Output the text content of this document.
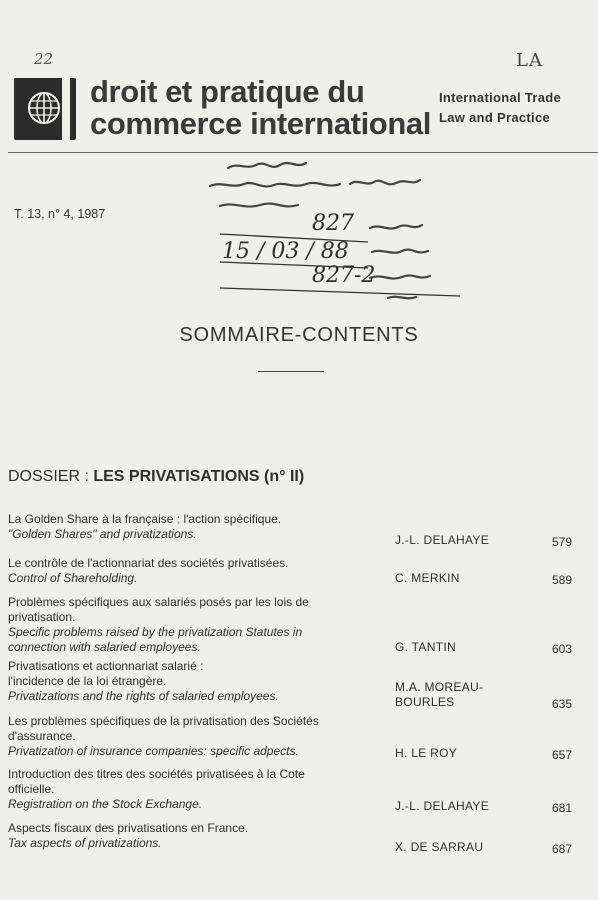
22	LA
droit et pratique du
commerce international
International Trade
Law and Practice
T. 13, n° 4, 1987	827
15 / 03 / 88
827-2
SOMMAIRE-CONTENTS
DOSSIER : LES PRIVATISATIONS (n° II)
La Golden Share à la française : l'action spécifique.
"Golden Shares" and privatizations.	J.-L. DELAHAYE	579
Le contrôle de l'actionnariat des sociétés privatisées.
Control of Shareholding.	C. MERKIN	589
Problèmes spécifiques aux salariés posés par les lois de privatisation.
Specific problems raised by the privatization Statutes in connection with salaried employees.	G. TANTIN	603
Privatisations et actionnariat salarié : l'incidence de la loi étrangère.
Privatizations and the rights of salaried employees.
M.A. MOREAU-
BOURLES	635
Les problèmes spécifiques de la privatisation des Sociétés d'assurance.
Privatization of insurance companies: specific adpects.	H. LE ROY	657
Introduction des titres des sociétés privatisées à la Cote officielle.
Registration on the Stock Exchange.	J.-L. DELAHAYE	681
Aspects fiscaux des privatisations en France.
Tax aspects of privatizations.	X. DE SARRAU	687
